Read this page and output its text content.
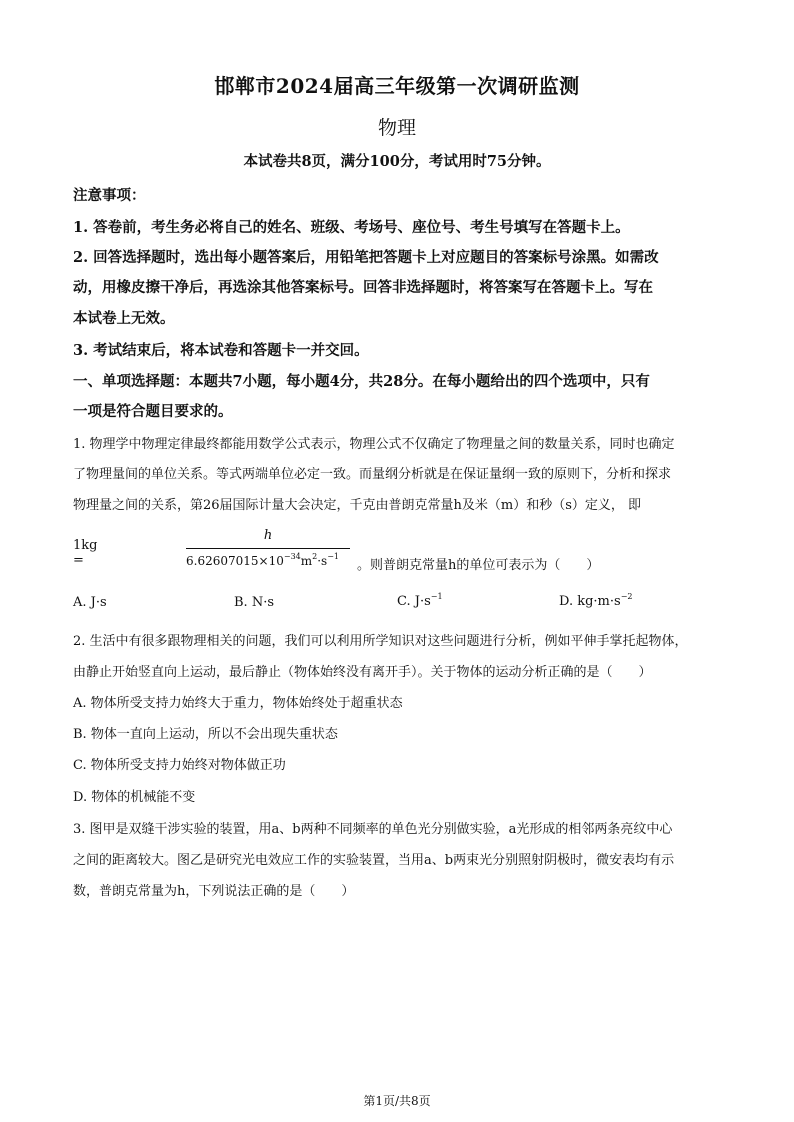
邯郸市2024届高三年级第一次调研监测
物理
本试卷共8页，满分100分，考试用时75分钟。
注意事项：
1. 答卷前，考生务必将自己的姓名、班级、考场号、座位号、考生号填写在答题卡上。
2. 回答选择题时，选出每小题答案后，用铅笔把答题卡上对应题目的答案标号涂黑。如需改
动，用橡皮擦干净后，再选涂其他答案标号。回答非选择题时，将答案写在答题卡上。写在
本试卷上无效。
3. 考试结束后，将本试卷和答题卡一并交回。
一、单项选择题：本题共7小题，每小题4分，共28分。在每小题给出的四个选项中，只有
一项是符合题目要求的。
1. 物理学中物理定律最终都能用数学公式表示，物理公式不仅确定了物理量之间的数量关系，同时也确定
了物理量间的单位关系。等式两端单位必定一致。而量纲分析就是在保证量纲一致的原则下，分析和探求
物理量之间的关系，第26届国际计量大会决定，千克由普朗克常量h及米（m）和秒（s）定义， 即
1kg =
h
$6.62607015\times 10^{-34}m^2\cdot s^{-1}$
。则普朗克常量h的单位可表示为（　　）
A. J·s	B. N·s	C. $J\cdot s^{-1}$	D. $kg\cdot m\cdot s^{-2}$
2. 生活中有很多跟物理相关的问题，我们可以利用所学知识对这些问题进行分析，例如平伸手掌托起物体，
由静止开始竖直向上运动，最后静止（物体始终没有离开手）。关于物体的运动分析正确的是（　　）
A. 物体所受支持力始终大于重力，物体始终处于超重状态
B. 物体一直向上运动，所以不会出现失重状态
C. 物体所受支持力始终对物体做正功
D. 物体的机械能不变
3. 图甲是双缝干涉实验的装置，用a、b两种不同频率的单色光分别做实验，a光形成的相邻两条亮纹中心
之间的距离较大。图乙是研究光电效应工作的实验装置，当用a、b两束光分别照射阴极时，微安表均有示
数，普朗克常量为h，下列说法正确的是（　　）
第1页/共8页
